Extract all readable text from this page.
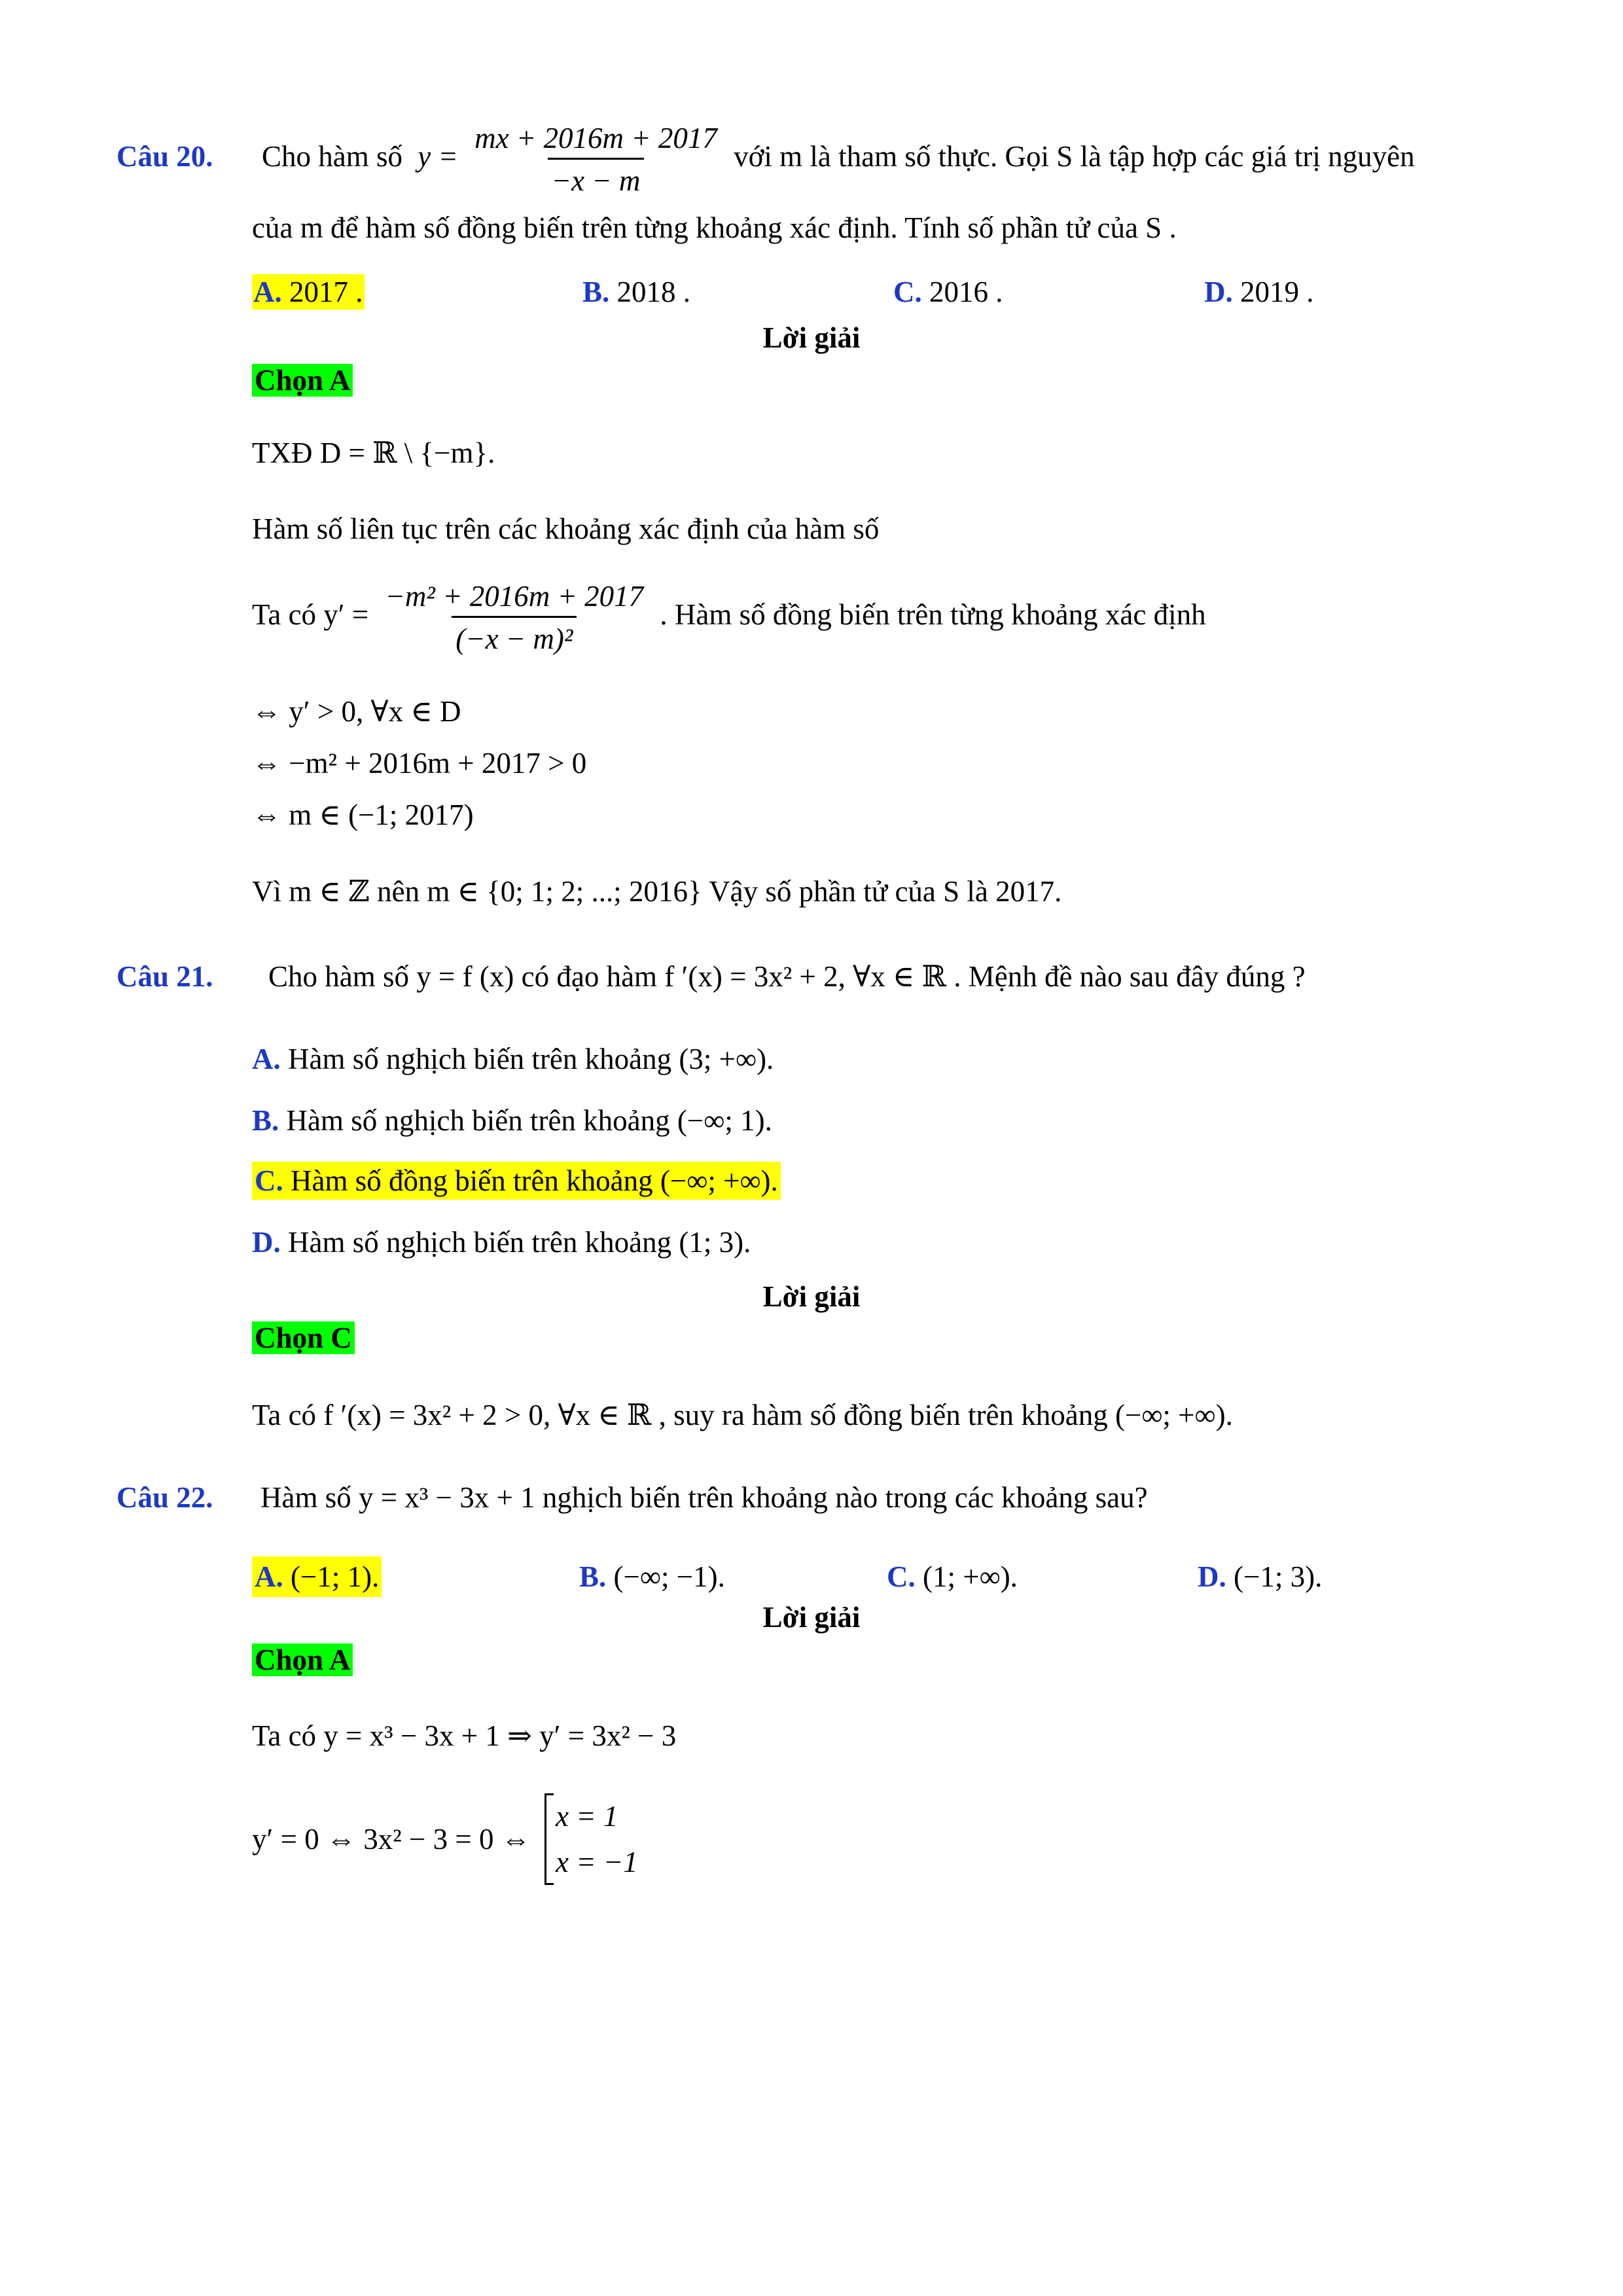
Câu 20. Cho hàm số $y = \frac{mx + 2016m + 2017}{-x - m}$ với m là tham số thực. Gọi S là tập hợp các giá trị nguyên
của m để hàm số đồng biến trên từng khoảng xác định. Tính số phần tử của S .
A. 2017 .	B. 2018 .	C. 2016 .	D. 2019 .
Lời giải
Chọn A
TXĐ D = ℝ \ {−m}.
Hàm số liên tục trên các khoảng xác định của hàm số
Ta có $y' = \frac{\text{−m² + 2016m + 2017}}{\text{(−x − m)²}}$ . Hàm số đồng biến trên từng khoảng xác định
⇔ y′ > 0, ∀x ∈ D
⇔ −m² + 2016m + 2017 > 0
⇔ m ∈ (−1; 2017)
Vì m ∈ ℤ nên m ∈ {0; 1; 2; ...; 2016} Vậy số phần tử của S là 2017.
Câu 21. Cho hàm số y = f (x) có đạo hàm f ′(x) = 3x² + 2, ∀x ∈ ℝ . Mệnh đề nào sau đây đúng ?
A. Hàm số nghịch biến trên khoảng (3; +∞).
B. Hàm số nghịch biến trên khoảng (−∞; 1).
C. Hàm số đồng biến trên khoảng (−∞; +∞).
D. Hàm số nghịch biến trên khoảng (1; 3).
Lời giải
Chọn C
Ta có f ′(x) = 3x² + 2 > 0, ∀x ∈ ℝ , suy ra hàm số đồng biến trên khoảng (−∞; +∞).
Câu 22. Hàm số y = x³ − 3x + 1 nghịch biến trên khoảng nào trong các khoảng sau?
A. (−1; 1).	B. (−∞; −1).	C. (1; +∞).	D. (−1; 3).
Lời giải
Chọn A
Ta có y = x³ − 3x + 1 ⇒ y′ = 3x² − 3
y′ = 0 ⇔ 3x² − 3 = 0 ⇔
x = 1
x = −1
